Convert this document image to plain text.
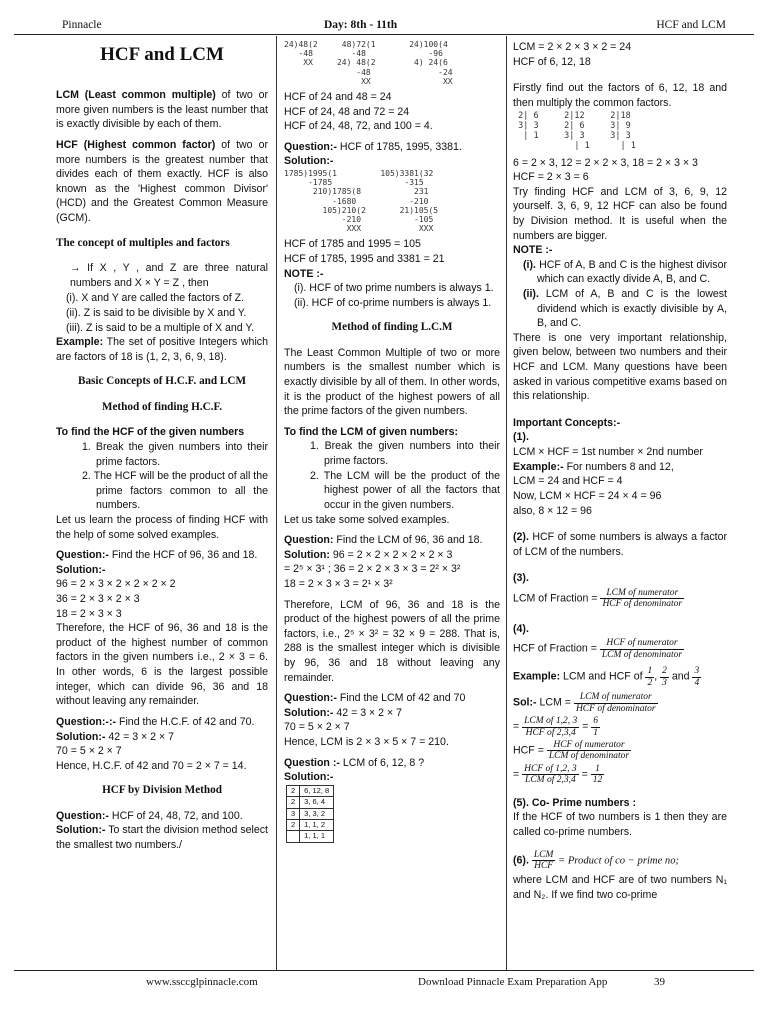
Pinnacle	Day: 8th - 11th	HCF and LCM
HCF and LCM

LCM (Least common multiple) of two or more given numbers is the least number that is exactly divisible by each of them.

HCF (Highest common factor) of two or more numbers is the greatest number that divides each of them exactly. HCF is also known as the 'Highest common Divisor' (HCD) and the Greatest Common Measure (GCM).

The concept of multiples and factors

→ If X , Y , and Z are three natural numbers and X × Y = Z , then

(i). X and Y are called the factors of Z.

(ii). Z is said to be divisible by X and Y.

(iii). Z is said to be a multiple of X and Y.

Example: The set of positive Integers which are factors of 18 is (1, 2, 3, 6, 9, 18).

Basic Concepts of H.C.F. and LCM
Method of finding H.C.F.

To find the HCF of the given numbers

1. Break the given numbers into their prime factors.

2. The HCF will be the product of all the prime factors common to all the numbers.

Let us learn the process of finding HCF with the help of some solved examples.

Question:- Find the HCF of 96, 36 and 18.

Solution:-

96 = 2 × 3 × 2 × 2 × 2 × 2

36 = 2 × 3 × 2 × 3

18 = 2 × 3 × 3

Therefore, the HCF of 96, 36 and 18 is the product of the highest number of common factors in the given numbers i.e., 2 × 3 = 6. In other words, 6 is the largest possible integer, which can divide 96, 36 and 18 without leaving any remainder.

Question:-:- Find the H.C.F. of 42 and 70.

Solution:- 42 = 3 × 2 × 7

70 = 5 × 2 × 7

Hence, H.C.F. of 42 and 70 = 2 × 7 = 14.

HCF by Division Method

Question:- HCF of 24, 48, 72, and 100.

Solution:- To start the division method select the smallest two numbers./

24)48(2     48)72(1       24)100(4
-48        -48             -96
XX     24) 48(2        4) 24(6
-48              -24
XX               XX

HCF of 24 and 48 = 24

HCF of 24, 48 and 72 = 24

HCF of 24, 48, 72, and 100 = 4.

Question:- HCF of 1785, 1995, 3381.

Solution:-

1785)1995(1         105)3381(32
-1785               -315
210)1785(8           231
-1680           -210
105)210(2       21)105(5
-210           -105
XXX            XXX

HCF of 1785 and 1995 = 105

HCF of 1785, 1995 and 3381 = 21

NOTE :-

(i). HCF of two prime numbers is always 1.

(ii). HCF of co-prime numbers is always 1.

Method of finding L.C.M

The Least Common Multiple of two or more numbers is the smallest number which is exactly divisible by all of them. In other words, it is the product of the highest powers of all the prime factors of the given numbers.

To find the LCM of given numbers:

1. Break the given numbers into their prime factors.

2. The LCM will be the product of the highest power of all the factors that occur in the given numbers.

Let us take some solved examples.

Question: Find the LCM of 96, 36 and 18.

Solution: 96 = 2 × 2 × 2 × 2 × 2 × 3

= 2⁵ × 3¹ ; 36 = 2 × 2 × 3 × 3 = 2² × 3²

18 = 2 × 3 × 3 = 2¹ × 3²

Therefore, LCM of 96, 36 and 18 is the product of the highest powers of all the prime factors, i.e., 2⁵ × 3² = 32 × 9 = 288. That is, 288 is the smallest integer which is divisible by 96, 36 and 18 without leaving any remainder.

Question:- Find the LCM of 42 and 70

Solution:- 42 = 3 × 2 × 7

70 = 5 × 2 × 7

Hence, LCM is 2 × 3 × 5 × 7 = 210.

Question :- LCM of 6, 12, 8 ?

Solution:-

2	6, 12, 8
2	3, 6, 4
3	3, 3, 2
2	1, 1, 2
	1, 1, 1

LCM = 2 × 2 × 3 × 2 = 24

HCF of 6, 12, 18

Firstly find out the factors of 6, 12, 18 and then multiply the common factors.

2| 6     2|12     2|18
3| 3     2| 6     3| 9
| 1     3| 3     3| 3
| 1      | 1

6 = 2 × 3, 12 = 2 × 2 × 3, 18 = 2 × 3 × 3

HCF = 2 × 3 = 6

Try finding HCF and LCM of 3, 6, 9, 12 yourself. 3, 6, 9, 12 HCF can also be found by Division method. It is useful when the numbers are bigger.

NOTE :-

(i). HCF of A, B and C is the highest divisor which can exactly divide A, B, and C.

(ii). LCM of A, B and C is the lowest dividend which is exactly divisible by A, B, and C.

There is one very important relationship, given below, between two numbers and their HCF and LCM. Many questions have been asked in various competitive exams based on this relationship.

Important Concepts:-

(1).

LCM × HCF = 1st number × 2nd number

Example:- For numbers 8 and 12,

LCM = 24 and HCF = 4

Now, LCM × HCF = 24 × 4 = 96

also, 8 × 12 = 96

(2). HCF of some numbers is always a factor of LCM of the numbers.

(3).

LCM of Fraction = $\frac{\text{LCM of numerator}}{\text{HCF of denominator}}$

(4).

HCF of Fraction = $\frac{\text{HCF of numerator}}{\text{LCM of denominator}}$

Example: LCM and HCF of $\frac{1}{2}$ , $\frac{2}{3}$ and $\frac{3}{4}$

Sol:- LCM = $\frac{\text{LCM of numerator}}{\text{HCF of denominator}}$

= $\frac{\text{LCM of 1,2, 3}}{\text{HCF of 2,3,4}} = \frac{6}{1}$

HCF = $\frac{\text{HCF of numerator}}{\text{LCM of denominator}}$

= $\frac{\text{HCF of 1,2, 3}}{\text{LCM of 2,3,4}} = \frac{1}{12}$

(5). Co- Prime numbers :

If the HCF of two numbers is 1 then they are called co-prime numbers.

(6). $\frac{\text{LCM}}{\text{HCF}}$ = Product of co − prime no;

where LCM and HCF are of two numbers N₁ and N₂. If we find two co-prime

www.ssccglpinnacle.com	Download Pinnacle Exam Preparation App	39
